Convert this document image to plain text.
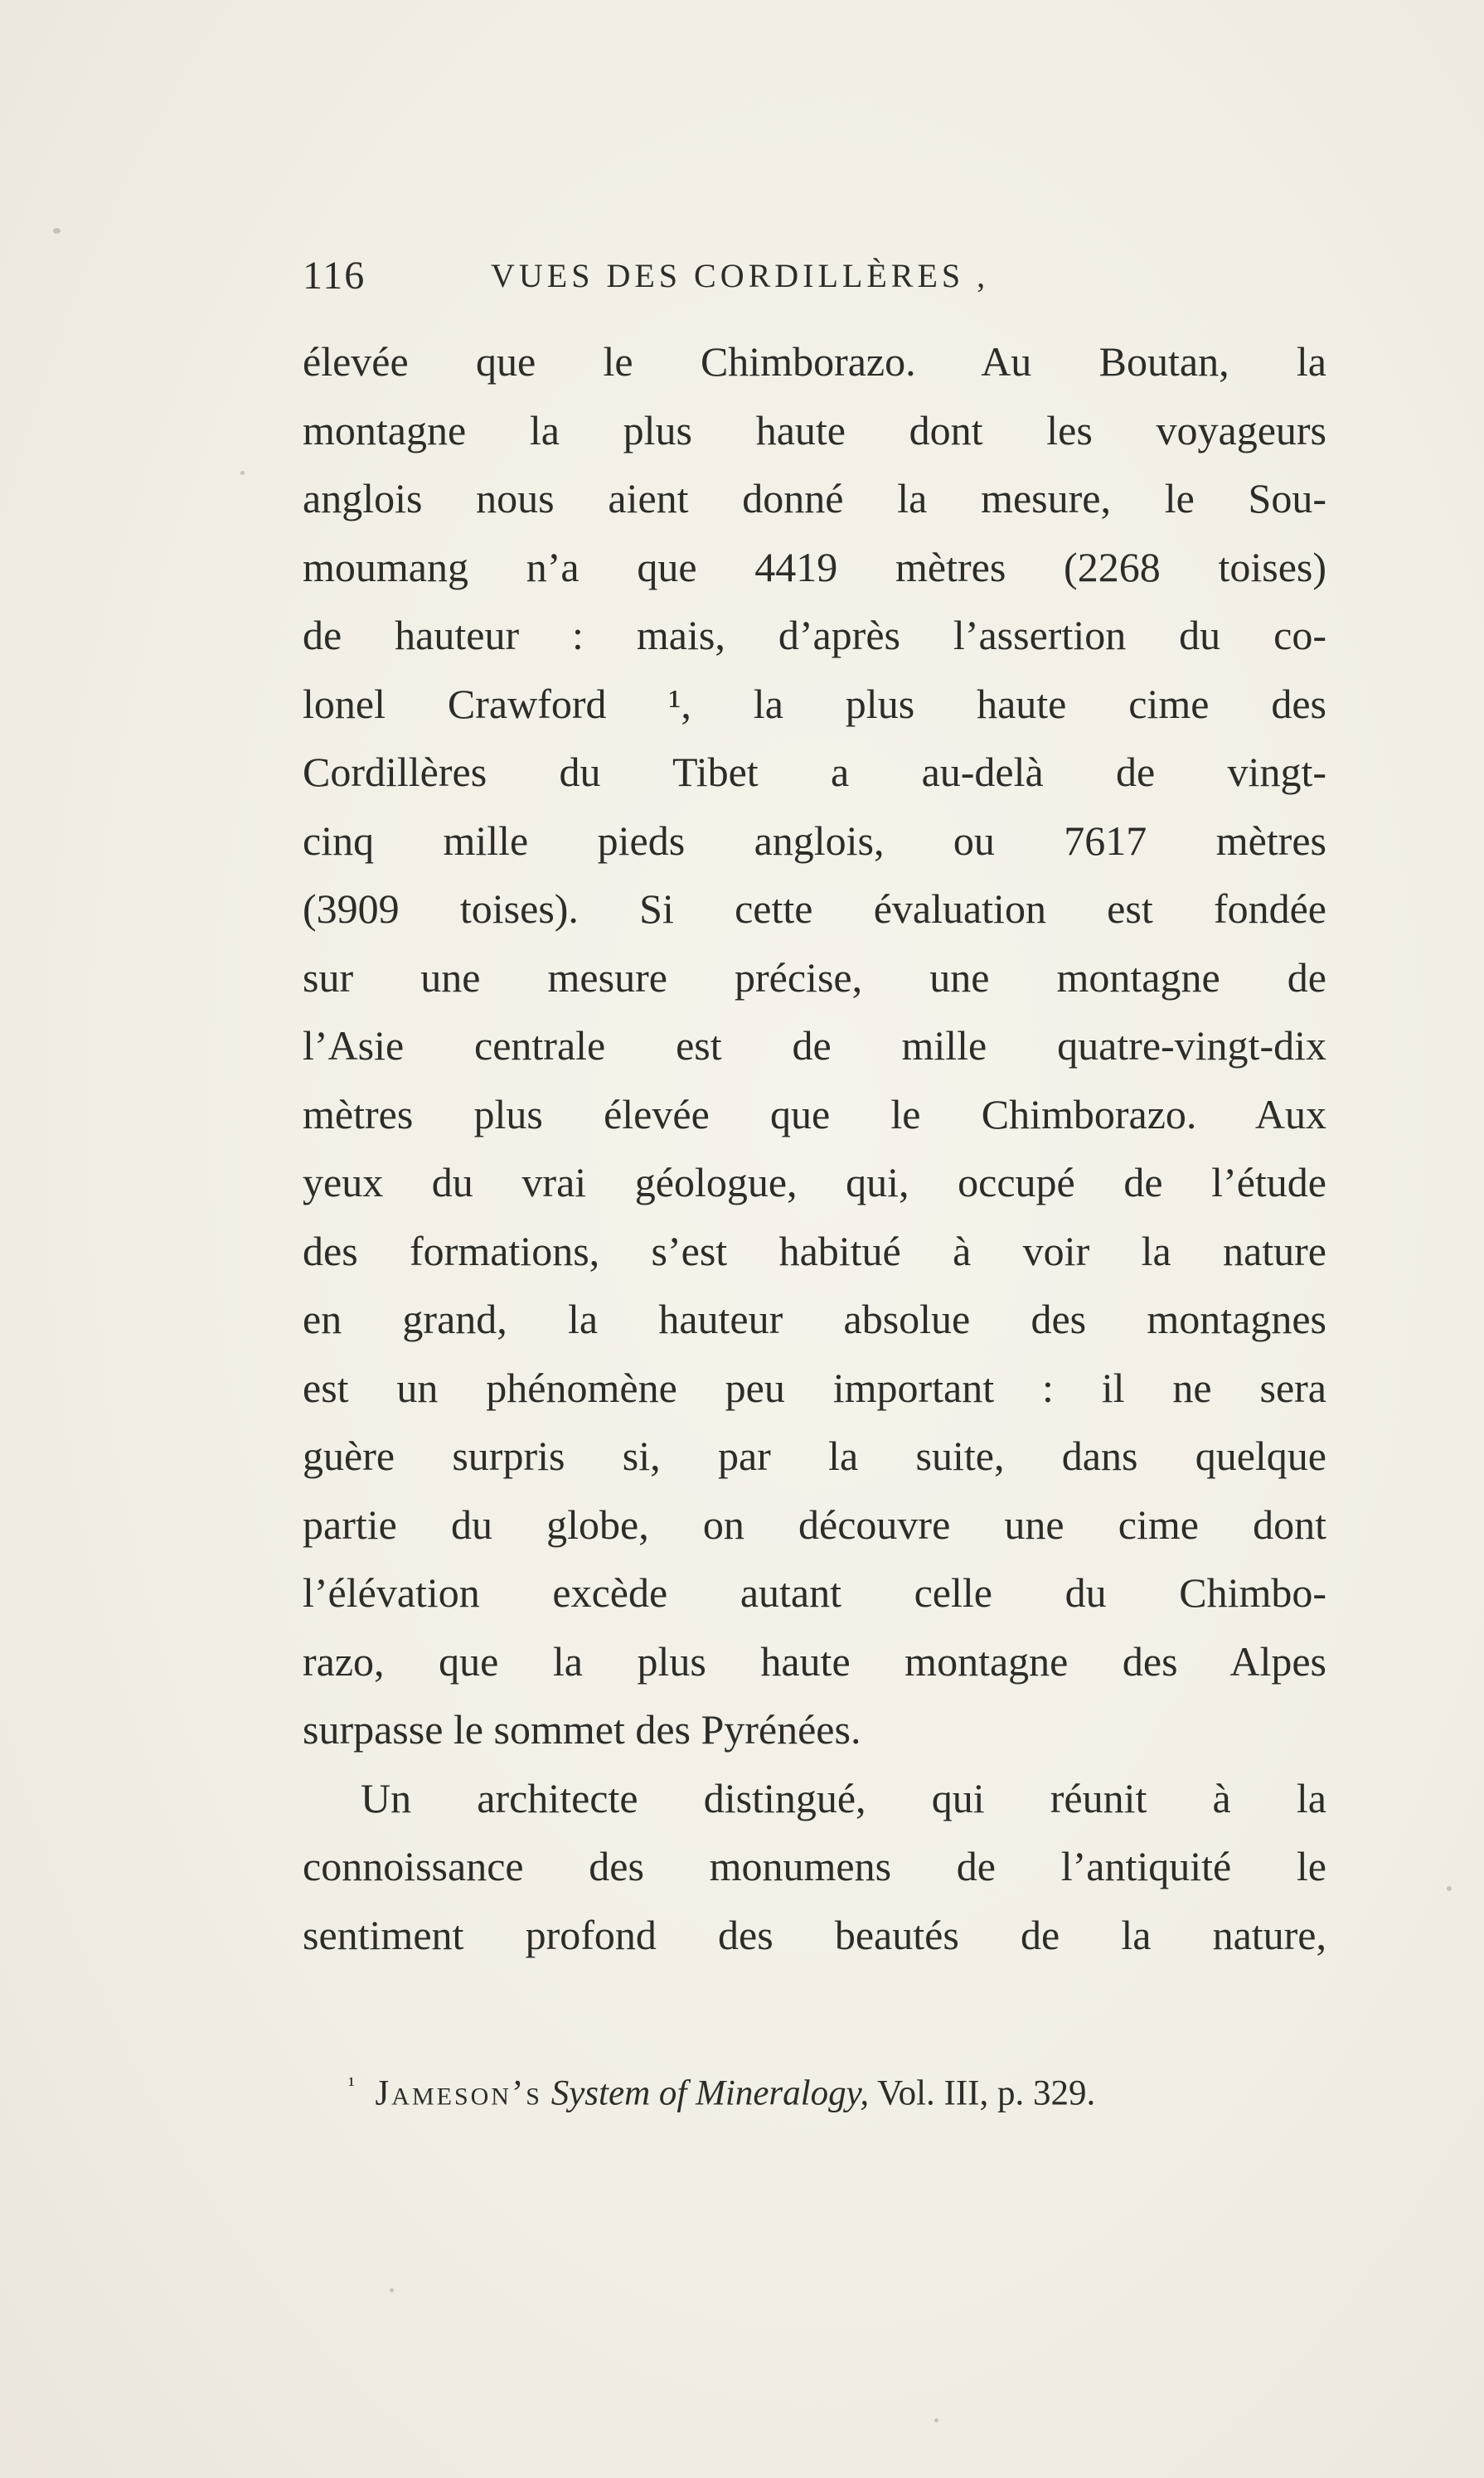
116	VUES DES CORDILLÈRES ,
élevée que le Chimborazo. Au Boutan, la
montagne la plus haute dont les voyageurs
anglois nous aient donné la mesure, le Sou-
moumang n’a que 4419 mètres (2268 toises)
de hauteur : mais, d’après l’assertion du co-
lonel Crawford ¹, la plus haute cime des
Cordillères du Tibet a au-delà de vingt-
cinq mille pieds anglois, ou 7617 mètres
(3909 toises). Si cette évaluation est fondée
sur une mesure précise, une montagne de
l’Asie centrale est de mille quatre-vingt-dix
mètres plus élevée que le Chimborazo. Aux
yeux du vrai géologue, qui, occupé de l’étude
des formations, s’est habitué à voir la nature
en grand, la hauteur absolue des montagnes
est un phénomène peu important : il ne sera
guère surpris si, par la suite, dans quelque
partie du globe, on découvre une cime dont
l’élévation excède autant celle du Chimbo-
razo, que la plus haute montagne des Alpes
surpasse le sommet des Pyrénées.
Un architecte distingué, qui réunit à la
connoissance des monumens de l’antiquité le
sentiment profond des beautés de la nature,
$^{^1}$ Jameson’s System of Mineralogy, Vol. III, p. 329.
